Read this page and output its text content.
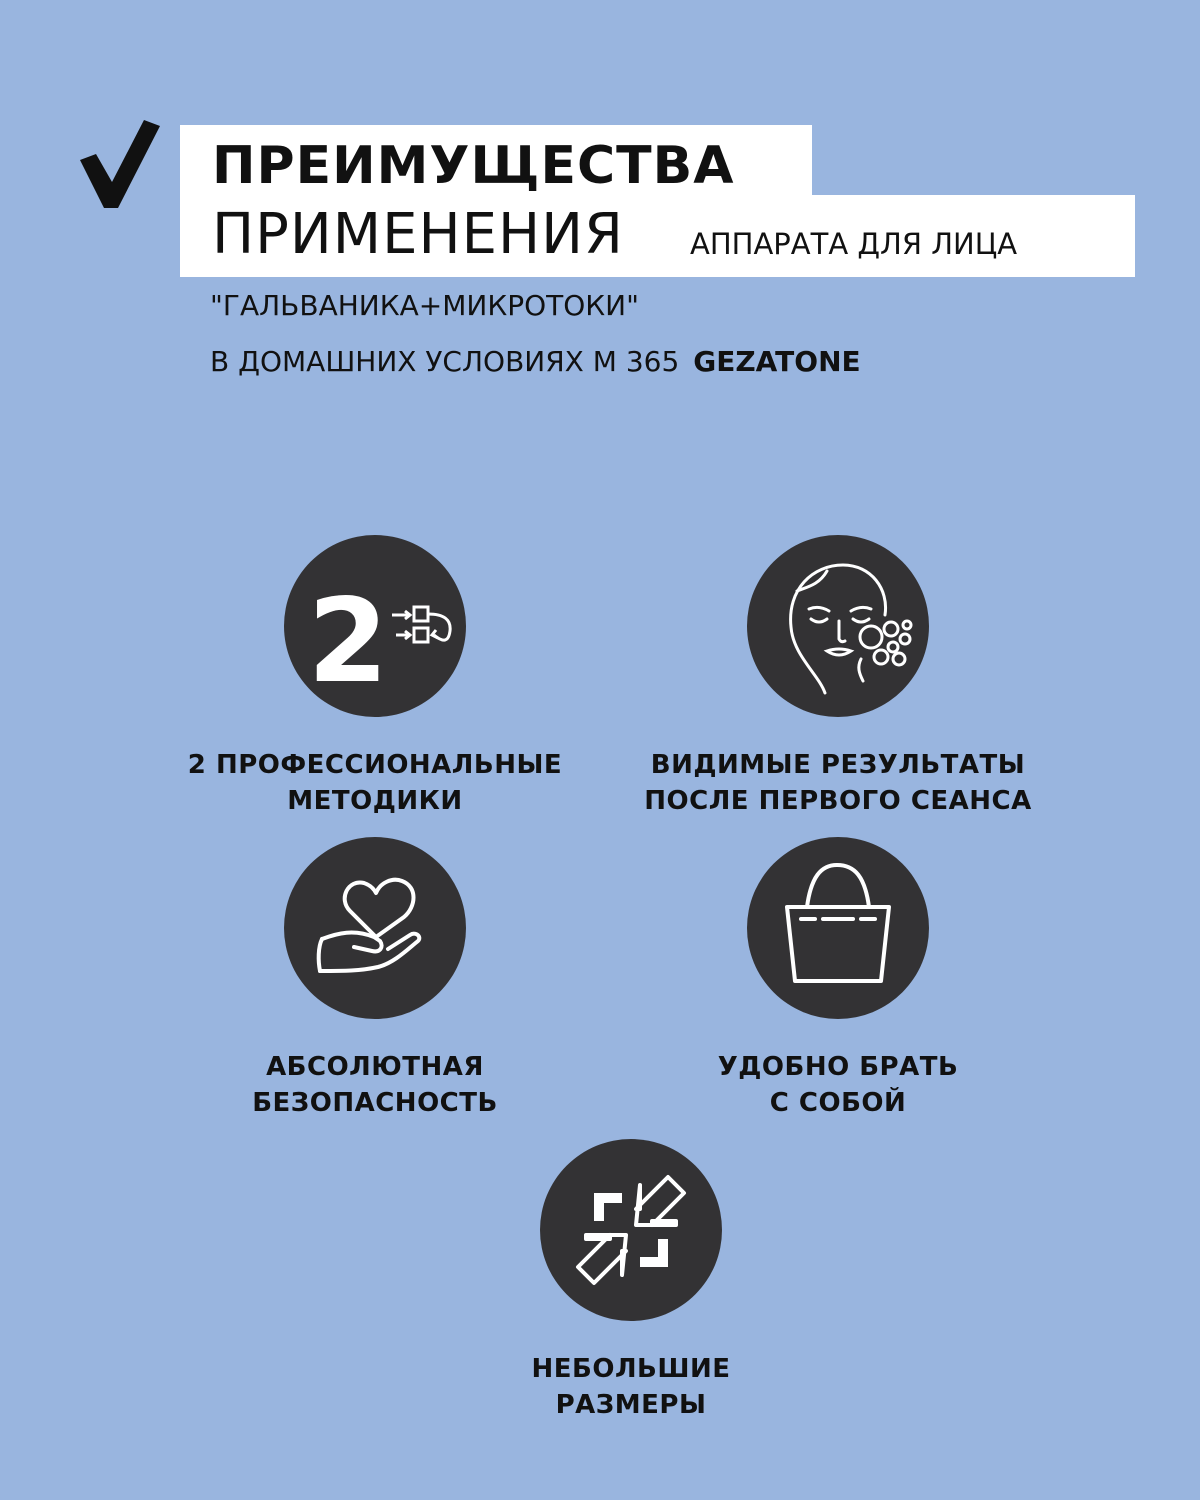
ПРЕИМУЩЕСТВА
ПРИМЕНЕНИЯ АППАРАТА ДЛЯ ЛИЦА
"ГАЛЬВАНИКА+МИКРОТОКИ"
В ДОМАШНИХ УСЛОВИЯХ М 365 GEZATONE
2
2 ПРОФЕССИОНАЛЬНЫЕ
МЕТОДИКИ
ВИДИМЫЕ РЕЗУЛЬТАТЫ
ПОСЛЕ ПЕРВОГО СЕАНСА
АБСОЛЮТНАЯ
БЕЗОПАСНОСТЬ
УДОБНО БРАТЬ
С СОБОЙ
НЕБОЛЬШИЕ
РАЗМЕРЫ
